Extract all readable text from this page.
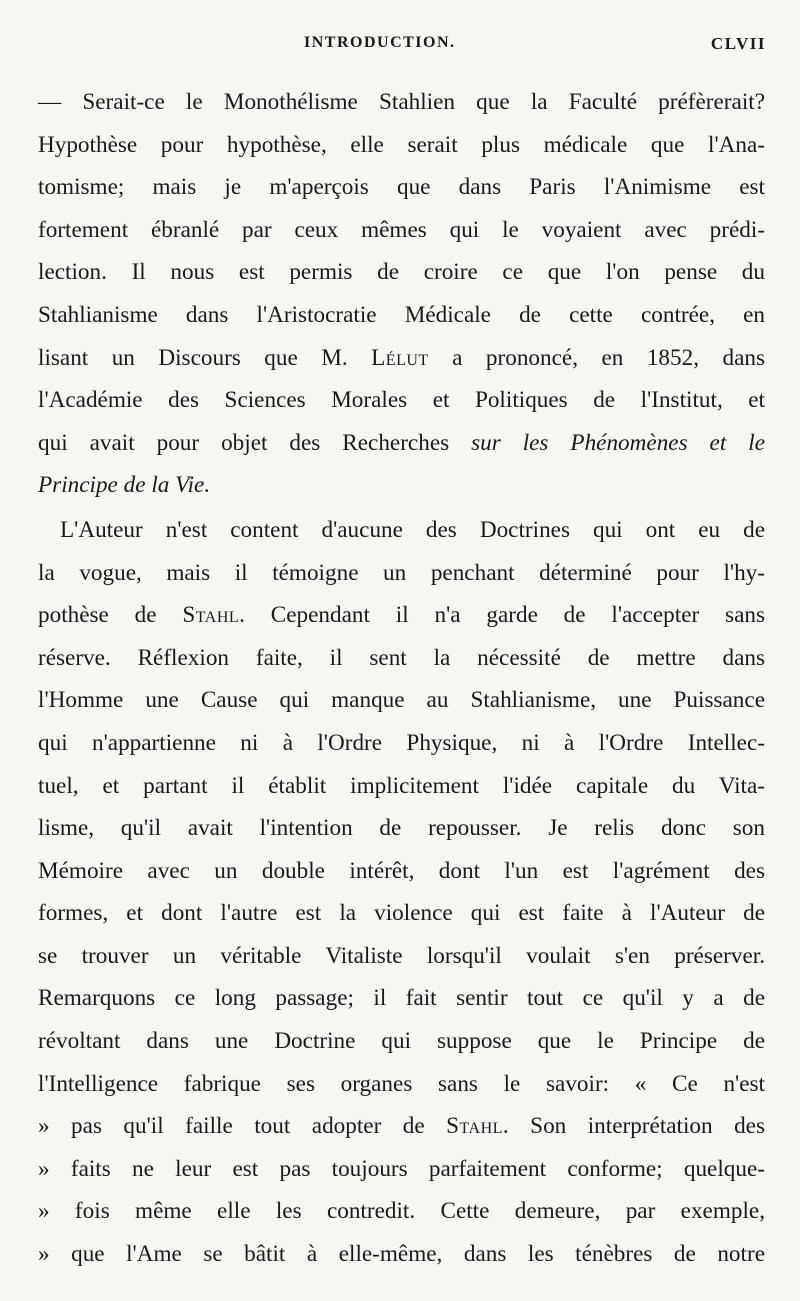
INTRODUCTION.	CLVII
— Serait-ce le Monothélisme Stahlien que la Faculté préfèrerait?
Hypothèse pour hypothèse, elle serait plus médicale que l'Ana-
tomisme; mais je m'aperçois que dans Paris l'Animisme est
fortement ébranlé par ceux mêmes qui le voyaient avec prédi-
lection. Il nous est permis de croire ce que l'on pense du
Stahlianisme dans l'Aristocratie Médicale de cette contrée, en
lisant un Discours que M. Lélut a prononcé, en 1852, dans
l'Académie des Sciences Morales et Politiques de l'Institut, et
qui avait pour objet des Recherches sur les Phénomènes et le
Principe de la Vie.
L'Auteur n'est content d'aucune des Doctrines qui ont eu de
la vogue, mais il témoigne un penchant déterminé pour l'hy-
pothèse de Stahl. Cependant il n'a garde de l'accepter sans
réserve. Réflexion faite, il sent la nécessité de mettre dans
l'Homme une Cause qui manque au Stahlianisme, une Puissance
qui n'appartienne ni à l'Ordre Physique, ni à l'Ordre Intellec-
tuel, et partant il établit implicitement l'idée capitale du Vita-
lisme, qu'il avait l'intention de repousser. Je relis donc son
Mémoire avec un double intérêt, dont l'un est l'agrément des
formes, et dont l'autre est la violence qui est faite à l'Auteur de
se trouver un véritable Vitaliste lorsqu'il voulait s'en préserver.
Remarquons ce long passage; il fait sentir tout ce qu'il y a de
révoltant dans une Doctrine qui suppose que le Principe de
l'Intelligence fabrique ses organes sans le savoir: « Ce n'est
» pas qu'il faille tout adopter de Stahl. Son interprétation des
» faits ne leur est pas toujours parfaitement conforme; quelque-
» fois même elle les contredit. Cette demeure, par exemple,
» que l'Ame se bâtit à elle-même, dans les ténèbres de notre
